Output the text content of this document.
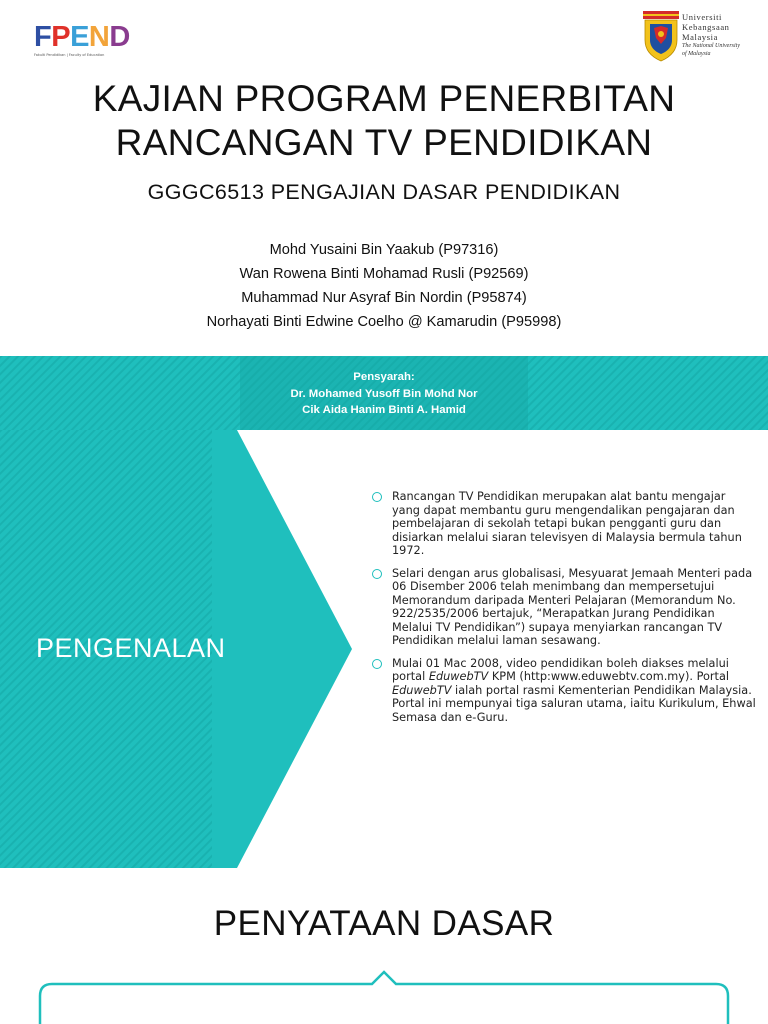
FPEND
Fakulti Pendidikan | Faculty of Education
Universiti
Kebangsaan
Malaysia
The National University
of Malaysia
KAJIAN PROGRAM PENERBITAN
RANCANGAN TV PENDIDIKAN
GGGC6513 PENGAJIAN DASAR PENDIDIKAN
Mohd Yusaini Bin Yaakub (P97316)
Wan Rowena Binti Mohamad Rusli (P92569)
Muhammad Nur Asyraf Bin Nordin (P95874)
Norhayati Binti Edwine Coelho @ Kamarudin (P95998)
Pensyarah:
Dr. Mohamed Yusoff Bin Mohd Nor
Cik Aida Hanim Binti A. Hamid
PENGENALAN
Rancangan TV Pendidikan merupakan alat bantu mengajar yang dapat membantu guru mengendalikan pengajaran dan pembelajaran di sekolah tetapi bukan pengganti guru dan disiarkan melalui siaran televisyen di Malaysia bermula tahun 1972.
Selari dengan arus globalisasi, Mesyuarat Jemaah Menteri pada 06 Disember 2006 telah menimbang dan mempersetujui Memorandum daripada Menteri Pelajaran (Memorandum No. 922/2535/2006 bertajuk, “Merapatkan Jurang Pendidikan Melalui TV Pendidikan”) supaya menyiarkan rancangan TV Pendidikan melalui laman sesawang.
Mulai 01 Mac 2008, video pendidikan boleh diakses melalui portal EduwebTV KPM (http:www.eduwebtv.com.my). Portal EduwebTV ialah portal rasmi Kementerian Pendidikan Malaysia. Portal ini mempunyai tiga saluran utama, iaitu Kurikulum, Ehwal Semasa dan e-Guru.
PENYATAAN DASAR
